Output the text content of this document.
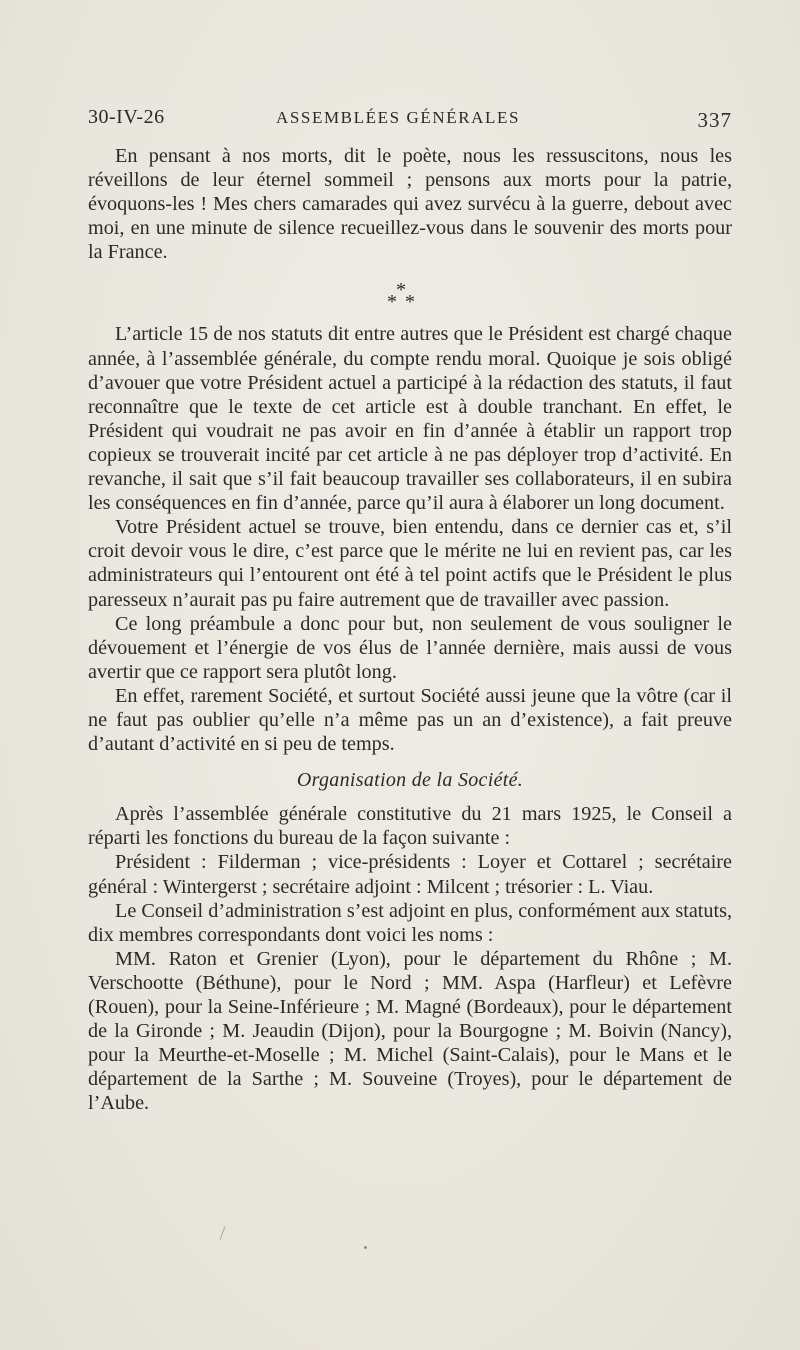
30-IV-26	ASSEMBLÉES GÉNÉRALES	337

En pensant à nos morts, dit le poète, nous les ressuscitons, nous les réveillons de leur éternel sommeil ; pensons aux morts pour la patrie, évoquons-les ! Mes chers camarades qui avez survécu à la guerre, debout avec moi, en une minute de silence recueillez-vous dans le souvenir des morts pour la France.

*
* *

L’article 15 de nos statuts dit entre autres que le Président est chargé chaque année, à l’assemblée générale, du compte rendu moral. Quoique je sois obligé d’avouer que votre Président actuel a participé à la rédaction des statuts, il faut reconnaître que le texte de cet article est à double tranchant. En effet, le Président qui voudrait ne pas avoir en fin d’année à établir un rapport trop copieux se trouverait incité par cet article à ne pas déployer trop d’activité. En revanche, il sait que s’il fait beaucoup travailler ses collaborateurs, il en subira les conséquences en fin d’année, parce qu’il aura à élaborer un long document.

Votre Président actuel se trouve, bien entendu, dans ce dernier cas et, s’il croit devoir vous le dire, c’est parce que le mérite ne lui en revient pas, car les administrateurs qui l’entourent ont été à tel point actifs que le Président le plus paresseux n’aurait pas pu faire autrement que de travailler avec passion.

Ce long préambule a donc pour but, non seulement de vous souligner le dévouement et l’énergie de vos élus de l’année dernière, mais aussi de vous avertir que ce rapport sera plutôt long.

En effet, rarement Société, et surtout Société aussi jeune que la vôtre (car il ne faut pas oublier qu’elle n’a même pas un an d’existence), a fait preuve d’autant d’activité en si peu de temps.

Organisation de la Société.

Après l’assemblée générale constitutive du 21 mars 1925, le Conseil a réparti les fonctions du bureau de la façon suivante :

Président : Filderman ; vice-présidents : Loyer et Cottarel ; secrétaire général : Wintergerst ; secrétaire adjoint : Milcent ; trésorier : L. Viau.

Le Conseil d’administration s’est adjoint en plus, conformément aux statuts, dix membres correspondants dont voici les noms :

MM. Raton et Grenier (Lyon), pour le département du Rhône ; M. Verschootte (Béthune), pour le Nord ; MM. Aspa (Harfleur) et Lefèvre (Rouen), pour la Seine-Inférieure ; M. Magné (Bordeaux), pour le département de la Gironde ; M. Jeaudin (Dijon), pour la Bourgogne ; M. Boivin (Nancy), pour la Meurthe-et-Moselle ; M. Michel (Saint-Calais), pour le Mans et le département de la Sarthe ; M. Souveine (Troyes), pour le département de l’Aube.
